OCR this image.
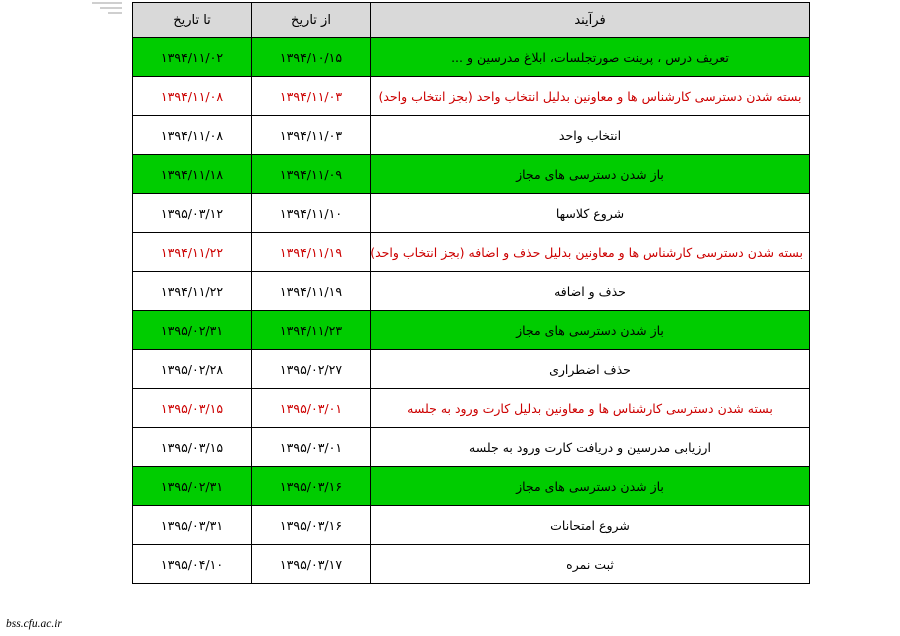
فرآیند	از تاریخ	تا تاریخ
تعریف درس ، پرینت صورتجلسات، ابلاغ مدرسین و ...	۱۳۹۴/۱۰/۱۵	۱۳۹۴/۱۱/۰۲
بسته شدن دسترسی کارشناس ها و معاونین بدلیل انتخاب واحد (بجز انتخاب واحد)	۱۳۹۴/۱۱/۰۳	۱۳۹۴/۱۱/۰۸
انتخاب واحد	۱۳۹۴/۱۱/۰۳	۱۳۹۴/۱۱/۰۸
باز شدن دسترسی های مجاز	۱۳۹۴/۱۱/۰۹	۱۳۹۴/۱۱/۱۸
شروع کلاسها	۱۳۹۴/۱۱/۱۰	۱۳۹۵/۰۳/۱۲
بسته شدن دسترسی کارشناس ها و معاونین بدلیل حذف و اضافه (بجز انتخاب واحد)	۱۳۹۴/۱۱/۱۹	۱۳۹۴/۱۱/۲۲
حذف و اضافه	۱۳۹۴/۱۱/۱۹	۱۳۹۴/۱۱/۲۲
باز شدن دسترسی های مجاز	۱۳۹۴/۱۱/۲۳	۱۳۹۵/۰۲/۳۱
حذف اضطراری	۱۳۹۵/۰۲/۲۷	۱۳۹۵/۰۲/۲۸
بسته شدن دسترسی کارشناس ها و معاونین بدلیل کارت ورود به جلسه	۱۳۹۵/۰۳/۰۱	۱۳۹۵/۰۳/۱۵
ارزیابی مدرسین و دریافت کارت ورود به جلسه	۱۳۹۵/۰۳/۰۱	۱۳۹۵/۰۳/۱۵
باز شدن دسترسی های مجاز	۱۳۹۵/۰۳/۱۶	۱۳۹۵/۰۲/۳۱
شروع امتحانات	۱۳۹۵/۰۳/۱۶	۱۳۹۵/۰۳/۳۱
ثبت نمره	۱۳۹۵/۰۳/۱۷	۱۳۹۵/۰۴/۱۰
bss.cfu.ac.ir
